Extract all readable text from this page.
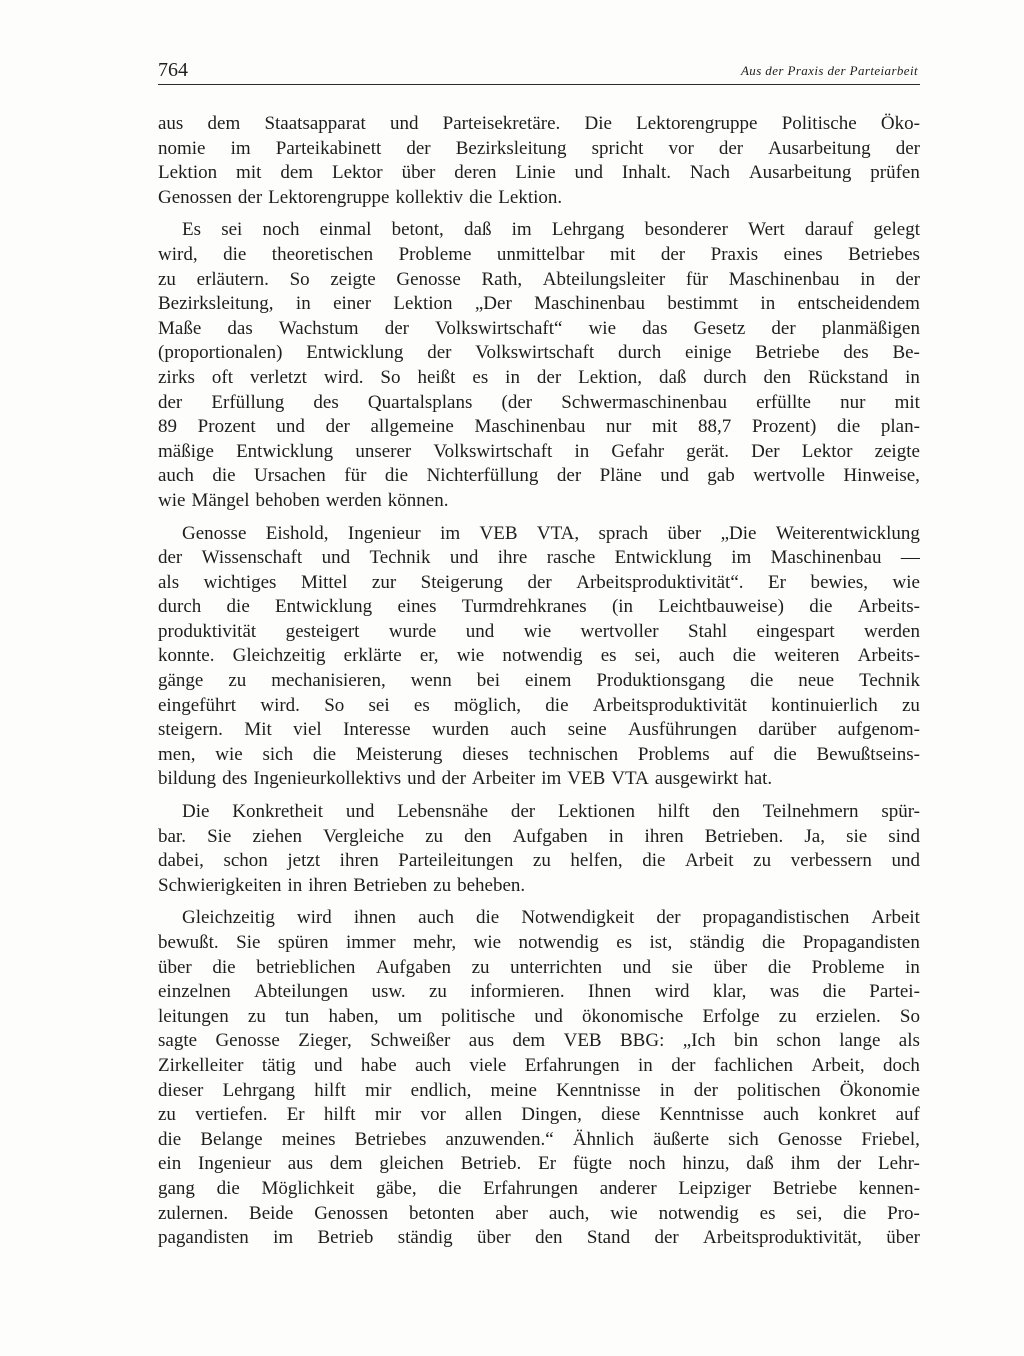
764	Aus der Praxis der Parteiarbeit
aus dem Staatsapparat und Parteisekretäre. Die Lektorengruppe Politische Öko-
nomie im Parteikabinett der Bezirksleitung spricht vor der Ausarbeitung der
Lektion mit dem Lektor über deren Linie und Inhalt. Nach Ausarbeitung prüfen
Genossen der Lektorengruppe kollektiv die Lektion.
Es sei noch einmal betont, daß im Lehrgang besonderer Wert darauf gelegt
wird, die theoretischen Probleme unmittelbar mit der Praxis eines Betriebes
zu erläutern. So zeigte Genosse Rath, Abteilungsleiter für Maschinenbau in der
Bezirksleitung, in einer Lektion „Der Maschinenbau bestimmt in entscheidendem
Maße das Wachstum der Volkswirtschaft“ wie das Gesetz der planmäßigen
(proportionalen) Entwicklung der Volkswirtschaft durch einige Betriebe des Be-
zirks oft verletzt wird. So heißt es in der Lektion, daß durch den Rückstand in
der Erfüllung des Quartalsplans (der Schwermaschinenbau erfüllte nur mit
89 Prozent und der allgemeine Maschinenbau nur mit 88,7 Prozent) die plan-
mäßige Entwicklung unserer Volkswirtschaft in Gefahr gerät. Der Lektor zeigte
auch die Ursachen für die Nichterfüllung der Pläne und gab wertvolle Hinweise,
wie Mängel behoben werden können.
Genosse Eishold, Ingenieur im VEB VTA, sprach über „Die Weiterentwicklung
der Wissenschaft und Technik und ihre rasche Entwicklung im Maschinenbau —
als wichtiges Mittel zur Steigerung der Arbeitsproduktivität“. Er bewies, wie
durch die Entwicklung eines Turmdrehkranes (in Leichtbauweise) die Arbeits-
produktivität gesteigert wurde und wie wertvoller Stahl eingespart werden
konnte. Gleichzeitig erklärte er, wie notwendig es sei, auch die weiteren Arbeits-
gänge zu mechanisieren, wenn bei einem Produktionsgang die neue Technik
eingeführt wird. So sei es möglich, die Arbeitsproduktivität kontinuierlich zu
steigern. Mit viel Interesse wurden auch seine Ausführungen darüber aufgenom-
men, wie sich die Meisterung dieses technischen Problems auf die Bewußtseins-
bildung des Ingenieurkollektivs und der Arbeiter im VEB VTA ausgewirkt hat.
Die Konkretheit und Lebensnähe der Lektionen hilft den Teilnehmern spür-
bar. Sie ziehen Vergleiche zu den Aufgaben in ihren Betrieben. Ja, sie sind
dabei, schon jetzt ihren Parteileitungen zu helfen, die Arbeit zu verbessern und
Schwierigkeiten in ihren Betrieben zu beheben.
Gleichzeitig wird ihnen auch die Notwendigkeit der propagandistischen Arbeit
bewußt. Sie spüren immer mehr, wie notwendig es ist, ständig die Propagandisten
über die betrieblichen Aufgaben zu unterrichten und sie über die Probleme in
einzelnen Abteilungen usw. zu informieren. Ihnen wird klar, was die Partei-
leitungen zu tun haben, um politische und ökonomische Erfolge zu erzielen. So
sagte Genosse Zieger, Schweißer aus dem VEB BBG: „Ich bin schon lange als
Zirkelleiter tätig und habe auch viele Erfahrungen in der fachlichen Arbeit, doch
dieser Lehrgang hilft mir endlich, meine Kenntnisse in der politischen Ökonomie
zu vertiefen. Er hilft mir vor allen Dingen, diese Kenntnisse auch konkret auf
die Belange meines Betriebes anzuwenden.“ Ähnlich äußerte sich Genosse Friebel,
ein Ingenieur aus dem gleichen Betrieb. Er fügte noch hinzu, daß ihm der Lehr-
gang die Möglichkeit gäbe, die Erfahrungen anderer Leipziger Betriebe kennen-
zulernen. Beide Genossen betonten aber auch, wie notwendig es sei, die Pro-
pagandisten im Betrieb ständig über den Stand der Arbeitsproduktivität, über
